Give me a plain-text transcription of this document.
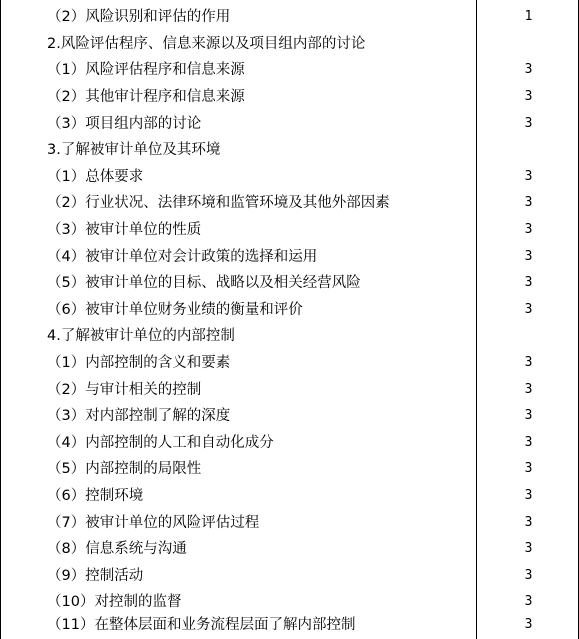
（2）风险识别和评估的作用	1
2.风险评估程序、信息来源以及项目组内部的讨论
（1）风险评估程序和信息来源	3
（2）其他审计程序和信息来源	3
（3）项目组内部的讨论	3
3.了解被审计单位及其环境
（1）总体要求	3
（2）行业状况、法律环境和监管环境及其他外部因素	3
（3）被审计单位的性质	3
（4）被审计单位对会计政策的选择和运用	3
（5）被审计单位的目标、战略以及相关经营风险	3
（6）被审计单位财务业绩的衡量和评价	3
4.了解被审计单位的内部控制
（1）内部控制的含义和要素	3
（2）与审计相关的控制	3
（3）对内部控制了解的深度	3
（4）内部控制的人工和自动化成分	3
（5）内部控制的局限性	3
（6）控制环境	3
（7）被审计单位的风险评估过程	3
（8）信息系统与沟通	3
（9）控制活动	3
（10）对控制的监督	3
（11）在整体层面和业务流程层面了解内部控制	3
